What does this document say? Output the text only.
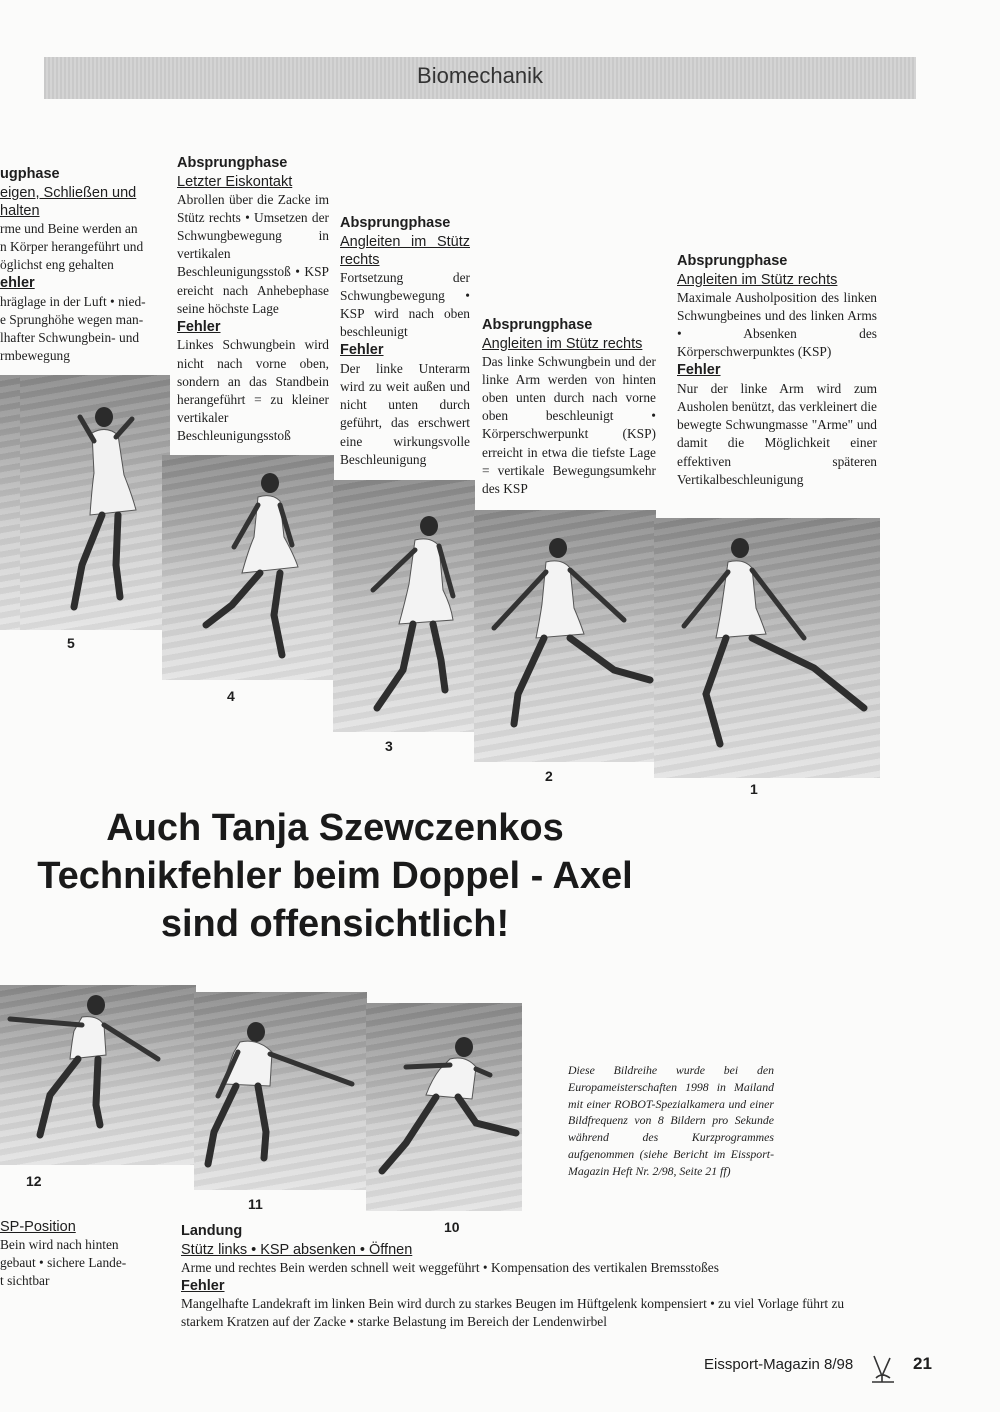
Biomechanik
ugphase
eigen, Schließen und
halten
rme und Beine werden an
n Körper herangeführt und
öglichst eng gehalten
ehler
hräglage in der Luft • nied-
e Sprunghöhe wegen man-
lhafter Schwungbein- und
rmbewegung
Absprungphase
Letzter Eiskontakt
Abrollen über die Zacke im Stütz rechts • Umsetzen der Schwungbewegung in vertikalen Beschleunigungsstoß • KSP ereicht nach Anhebephase seine höchste Lage
Fehler
Linkes Schwungbein wird nicht nach vorne oben, sondern an das Standbein herangeführt = zu kleiner vertikaler Beschleunigungsstoß
Absprungphase
Angleiten im Stütz rechts
Fortsetzung der Schwungbewegung • KSP wird nach oben beschleunigt
Fehler
Der linke Unterarm wird zu weit außen und nicht unten durch geführt, das erschwert eine wirkungsvolle Beschleunigung
Absprungphase
Angleiten im Stütz rechts
Das linke Schwungbein und der linke Arm werden von hinten oben unten durch nach vorne oben beschleunigt • Körperschwerpunkt (KSP) erreicht in etwa die tiefste Lage = vertikale Bewegungsumkehr des KSP
Absprungphase
Angleiten im Stütz rechts
Maximale Ausholposition des linken Schwungbeines und des linken Arms • Absenken des Körperschwerpunktes (KSP)
Fehler
Nur der linke Arm wird zum Ausholen benützt, das verkleinert die bewegte Schwungmasse "Arme" und damit die Möglichkeit einer effektiven späteren Vertikalbeschleunigung
5
4
3
2
1
Auch Tanja Szewczenkos
Technikfehler beim Doppel - Axel
sind offensichtlich!
12
11
10
Diese Bildreihe wurde bei den Europameisterschaften 1998 in Mailand mit einer ROBOT-Spezialkamera und einer Bildfrequenz von 8 Bildern pro Sekunde während des Kurzprogrammes aufgenommen (siehe Bericht im Eissport-Magazin Heft Nr. 2/98, Seite 21 ff)
SP-Position
Bein wird nach hinten
gebaut • sichere Lande-
t sichtbar
Landung
Stütz links • KSP absenken • Öffnen
Arme und rechtes Bein werden schnell weit weggeführt • Kompensation des vertikalen Bremsstoßes
Fehler
Mangelhafte Landekraft im linken Bein wird durch zu starkes Beugen im Hüftgelenk kompensiert • zu viel Vorlage führt zu starkem Kratzen auf der Zacke • starke Belastung im Bereich der Lendenwirbel
Eissport-Magazin 8/98	21
